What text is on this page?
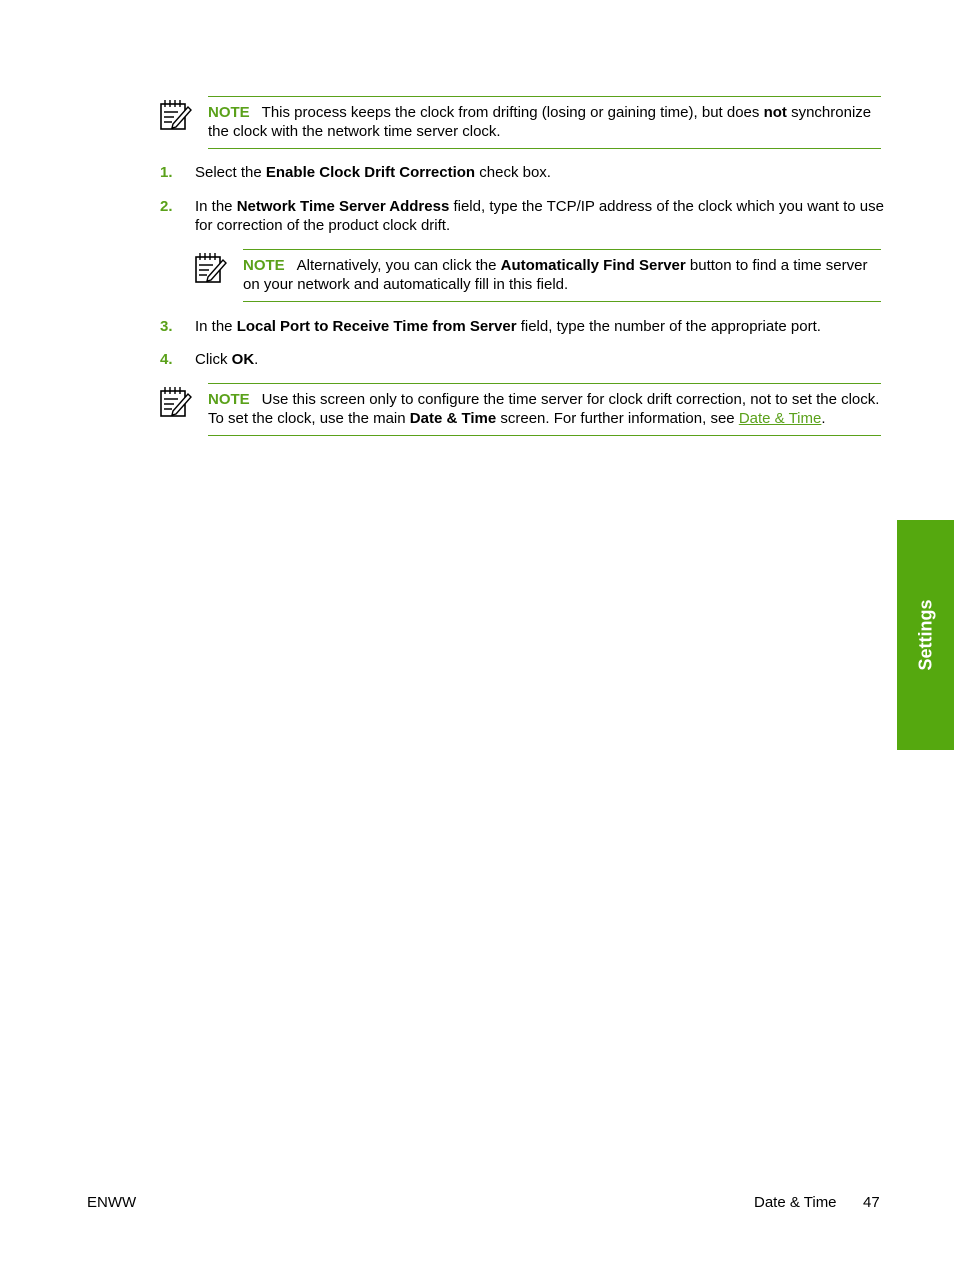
NOTE This process keeps the clock from drifting (losing or gaining time), but does not synchronize the clock with the network time server clock.
1. Select the Enable Clock Drift Correction check box.
2. In the Network Time Server Address field, type the TCP/IP address of the clock which you want to use for correction of the product clock drift.
NOTE Alternatively, you can click the Automatically Find Server button to find a time server on your network and automatically fill in this field.
3. In the Local Port to Receive Time from Server field, type the number of the appropriate port.
4. Click OK.
NOTE Use this screen only to configure the time server for clock drift correction, not to set the clock. To set the clock, use the main Date & Time screen. For further information, see Date & Time.
Settings
ENWW	Date & Time 47
